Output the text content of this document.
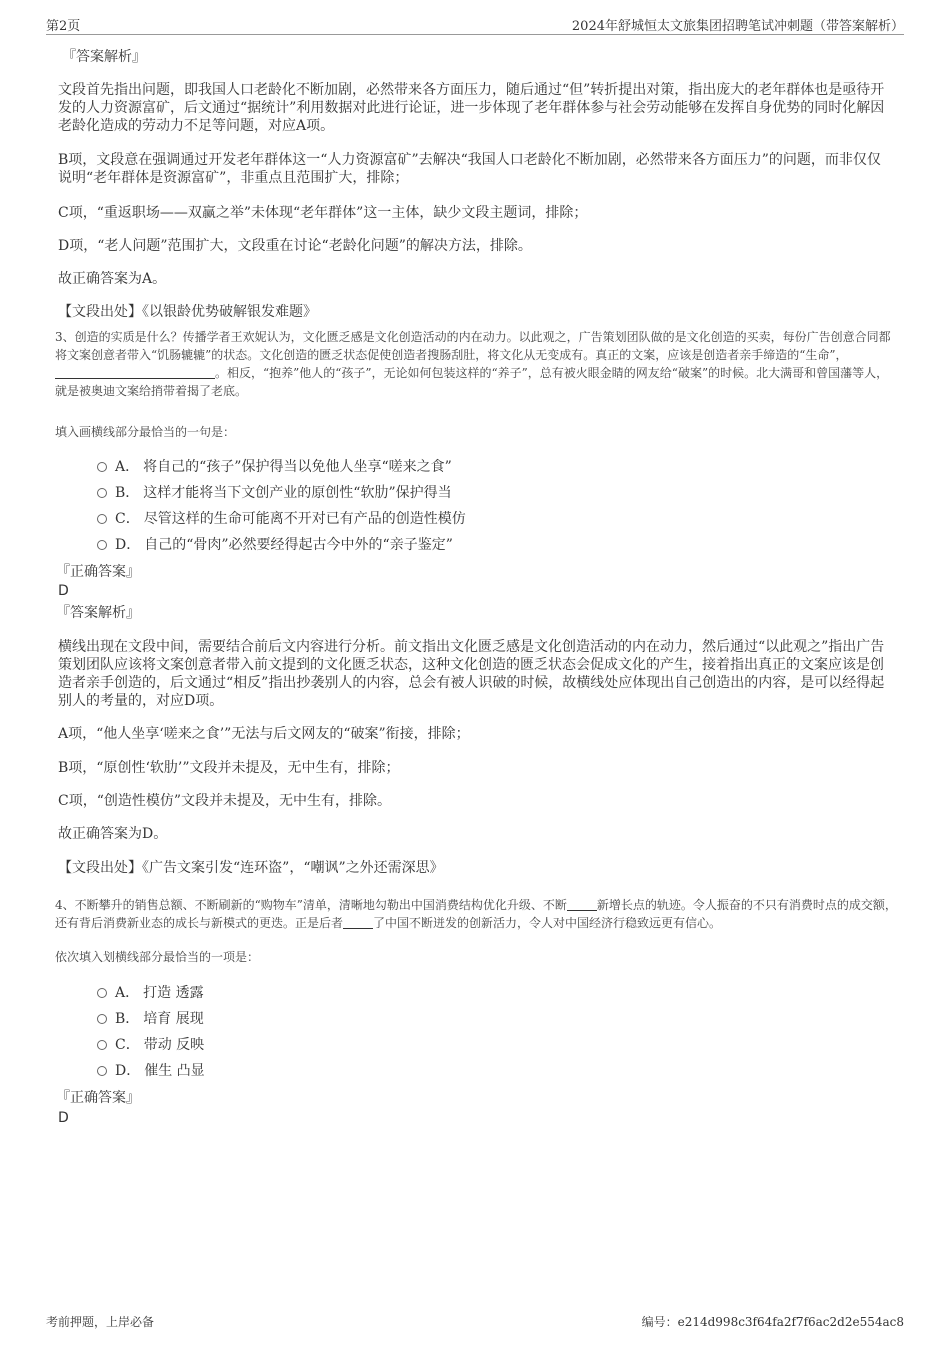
第2页	2024年舒城恒太文旅集团招聘笔试冲刺题（带答案解析）
『答案解析』
文段首先指出问题，即我国人口老龄化不断加剧，必然带来各方面压力，随后通过“但”转折提出对策，指出庞大的老年群体也是亟待开发的人力资源富矿，后文通过“据统计”利用数据对此进行论证，进一步体现了老年群体参与社会劳动能够在发挥自身优势的同时化解因老龄化造成的劳动力不足等问题，对应A项。
B项，文段意在强调通过开发老年群体这一“人力资源富矿”去解决“我国人口老龄化不断加剧，必然带来各方面压力”的问题，而非仅仅说明“老年群体是资源富矿”，非重点且范围扩大，排除；
C项，“重返职场——双赢之举”未体现“老年群体”这一主体，缺少文段主题词，排除；
D项，“老人问题”范围扩大，文段重在讨论“老龄化问题”的解决方法，排除。
故正确答案为A。
【文段出处】《以银龄优势破解银发难题》
3、创造的实质是什么？传播学者王欢妮认为，文化匮乏感是文化创造活动的内在动力。以此观之，广告策划团队做的是文化创造的买卖，每份广告创意合同都将文案创意者带入“饥肠辘辘”的状态。文化创造的匮乏状态促使创造者搜肠刮肚，将文化从无变成有。真正的文案，应该是创造者亲手缔造的“生命”，。相反，“抱养”他人的“孩子”，无论如何包装这样的“养子”，总有被火眼金睛的网友给“破案”的时候。北大满哥和曾国藩等人，就是被奥迪文案给捎带着揭了老底。
填入画横线部分最恰当的一句是：
A． 将自己的“孩子”保护得当以免他人坐享“嗟来之食”
B． 这样才能将当下文创产业的原创性“软肋”保护得当
C． 尽管这样的生命可能离不开对已有产品的创造性模仿
D． 自己的“骨肉”必然要经得起古今中外的“亲子鉴定”
『正确答案』
D
『答案解析』
横线出现在文段中间，需要结合前后文内容进行分析。前文指出文化匮乏感是文化创造活动的内在动力，然后通过“以此观之”指出广告策划团队应该将文案创意者带入前文提到的文化匮乏状态，这种文化创造的匮乏状态会促成文化的产生，接着指出真正的文案应该是创造者亲手创造的，后文通过“相反”指出抄袭别人的内容，总会有被人识破的时候，故横线处应体现出自己创造出的内容，是可以经得起别人的考量的，对应D项。
A项，“他人坐享‘嗟来之食’”无法与后文网友的“破案”衔接，排除；
B项，“原创性‘软肋’”文段并未提及，无中生有，排除；
C项，“创造性模仿”文段并未提及，无中生有，排除。
故正确答案为D。
【文段出处】《广告文案引发“连环盗”，“嘲讽”之外还需深思》
4、不断攀升的销售总额、不断刷新的“购物车”清单，清晰地勾勒出中国消费结构优化升级、不断	新增长点的轨迹。令人振奋的不只有消费时点的成交额，还有背后消费新业态的成长与新模式的更迭。正是后者	了中国不断迸发的创新活力，令人对中国经济行稳致远更有信心。
依次填入划横线部分最恰当的一项是：
A． 打造 透露
B． 培育 展现
C． 带动 反映
D． 催生 凸显
『正确答案』
D
考前押题，上岸必备	编号：e214d998c3f64fa2f7f6ac2d2e554ac8
